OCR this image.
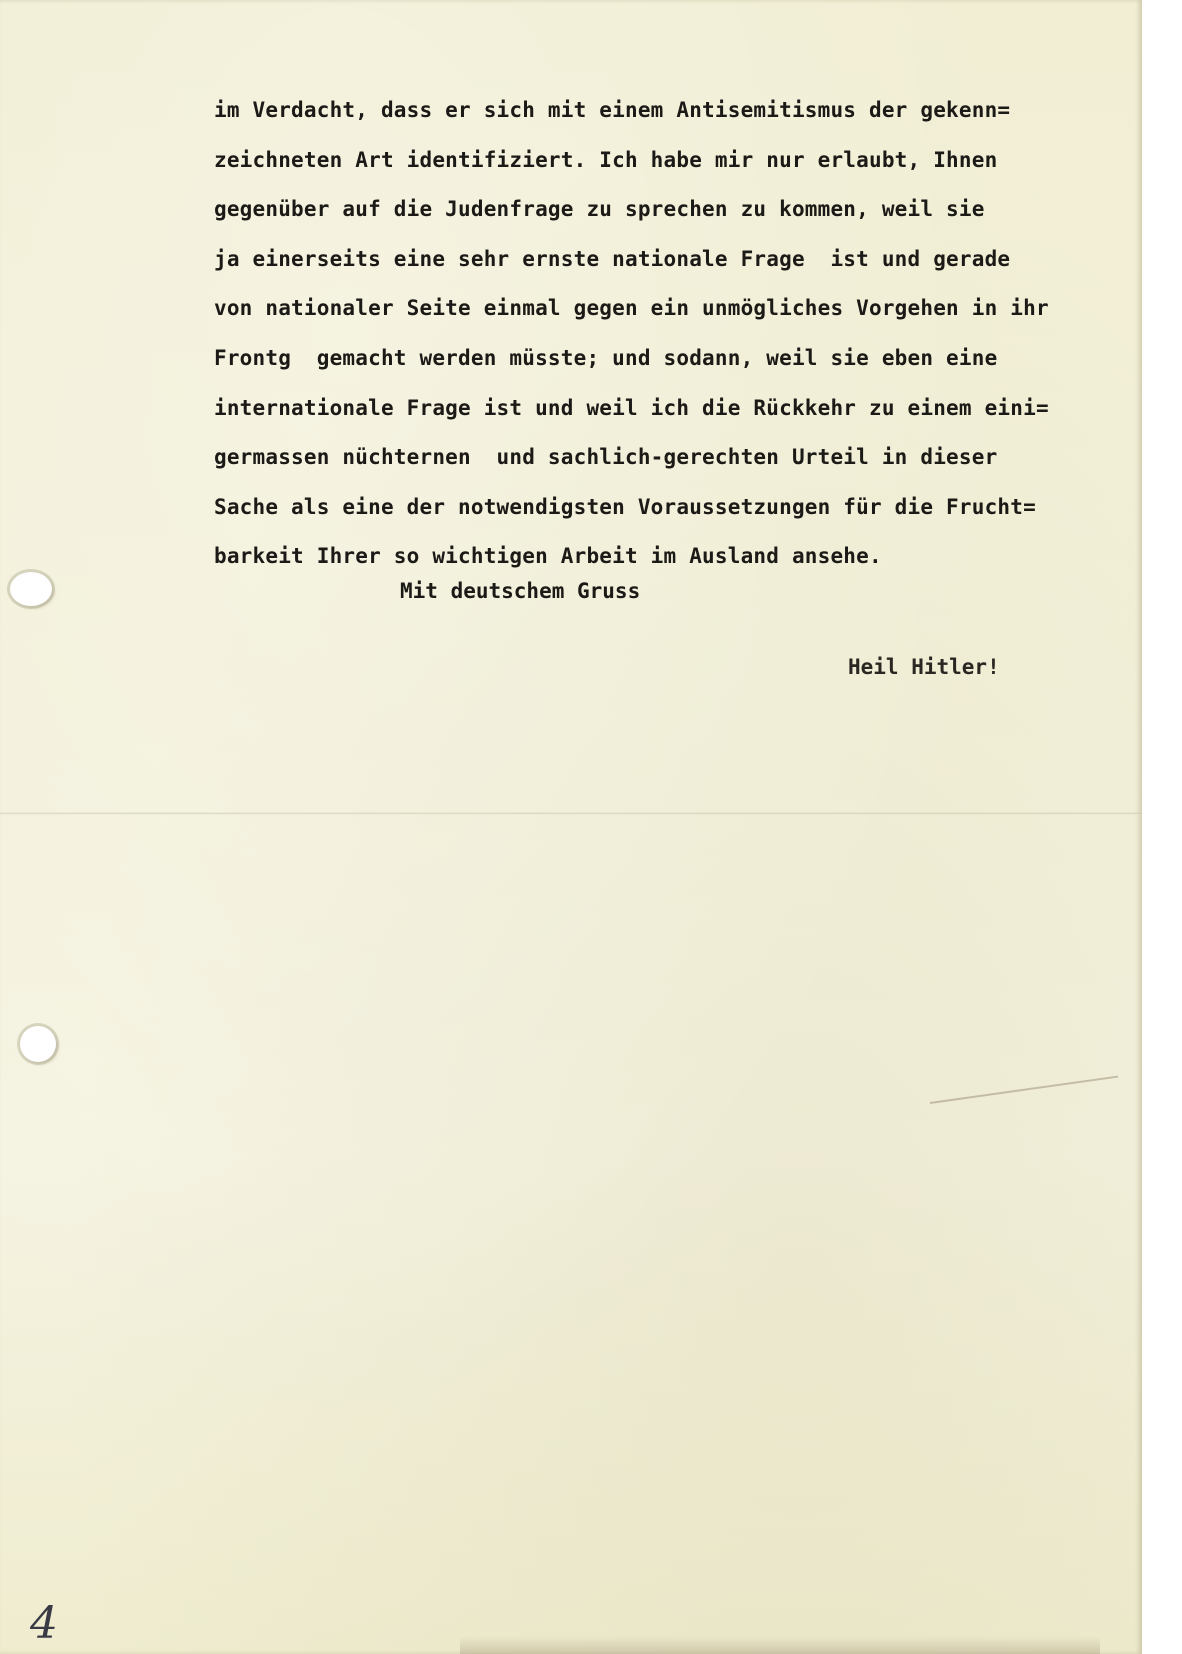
im Verdacht, dass er sich mit einem Antisemitismus der gekenn=
zeichneten Art identifiziert. Ich habe mir nur erlaubt, Ihnen
gegenüber auf die Judenfrage zu sprechen zu kommen, weil sie
ja einerseits eine sehr ernste nationale Frage  ist und gerade
von nationaler Seite einmal gegen ein unmögliches Vorgehen in ihr
Frontg  gemacht werden müsste; und sodann, weil sie eben eine
internationale Frage ist und weil ich die Rückkehr zu einem eini=
germassen nüchternen  und sachlich-gerechten Urteil in dieser
Sache als eine der notwendigsten Voraussetzungen für die Frucht=
barkeit Ihrer so wichtigen Arbeit im Ausland ansehe.
Mit deutschem Gruss
Heil Hitler!
4
